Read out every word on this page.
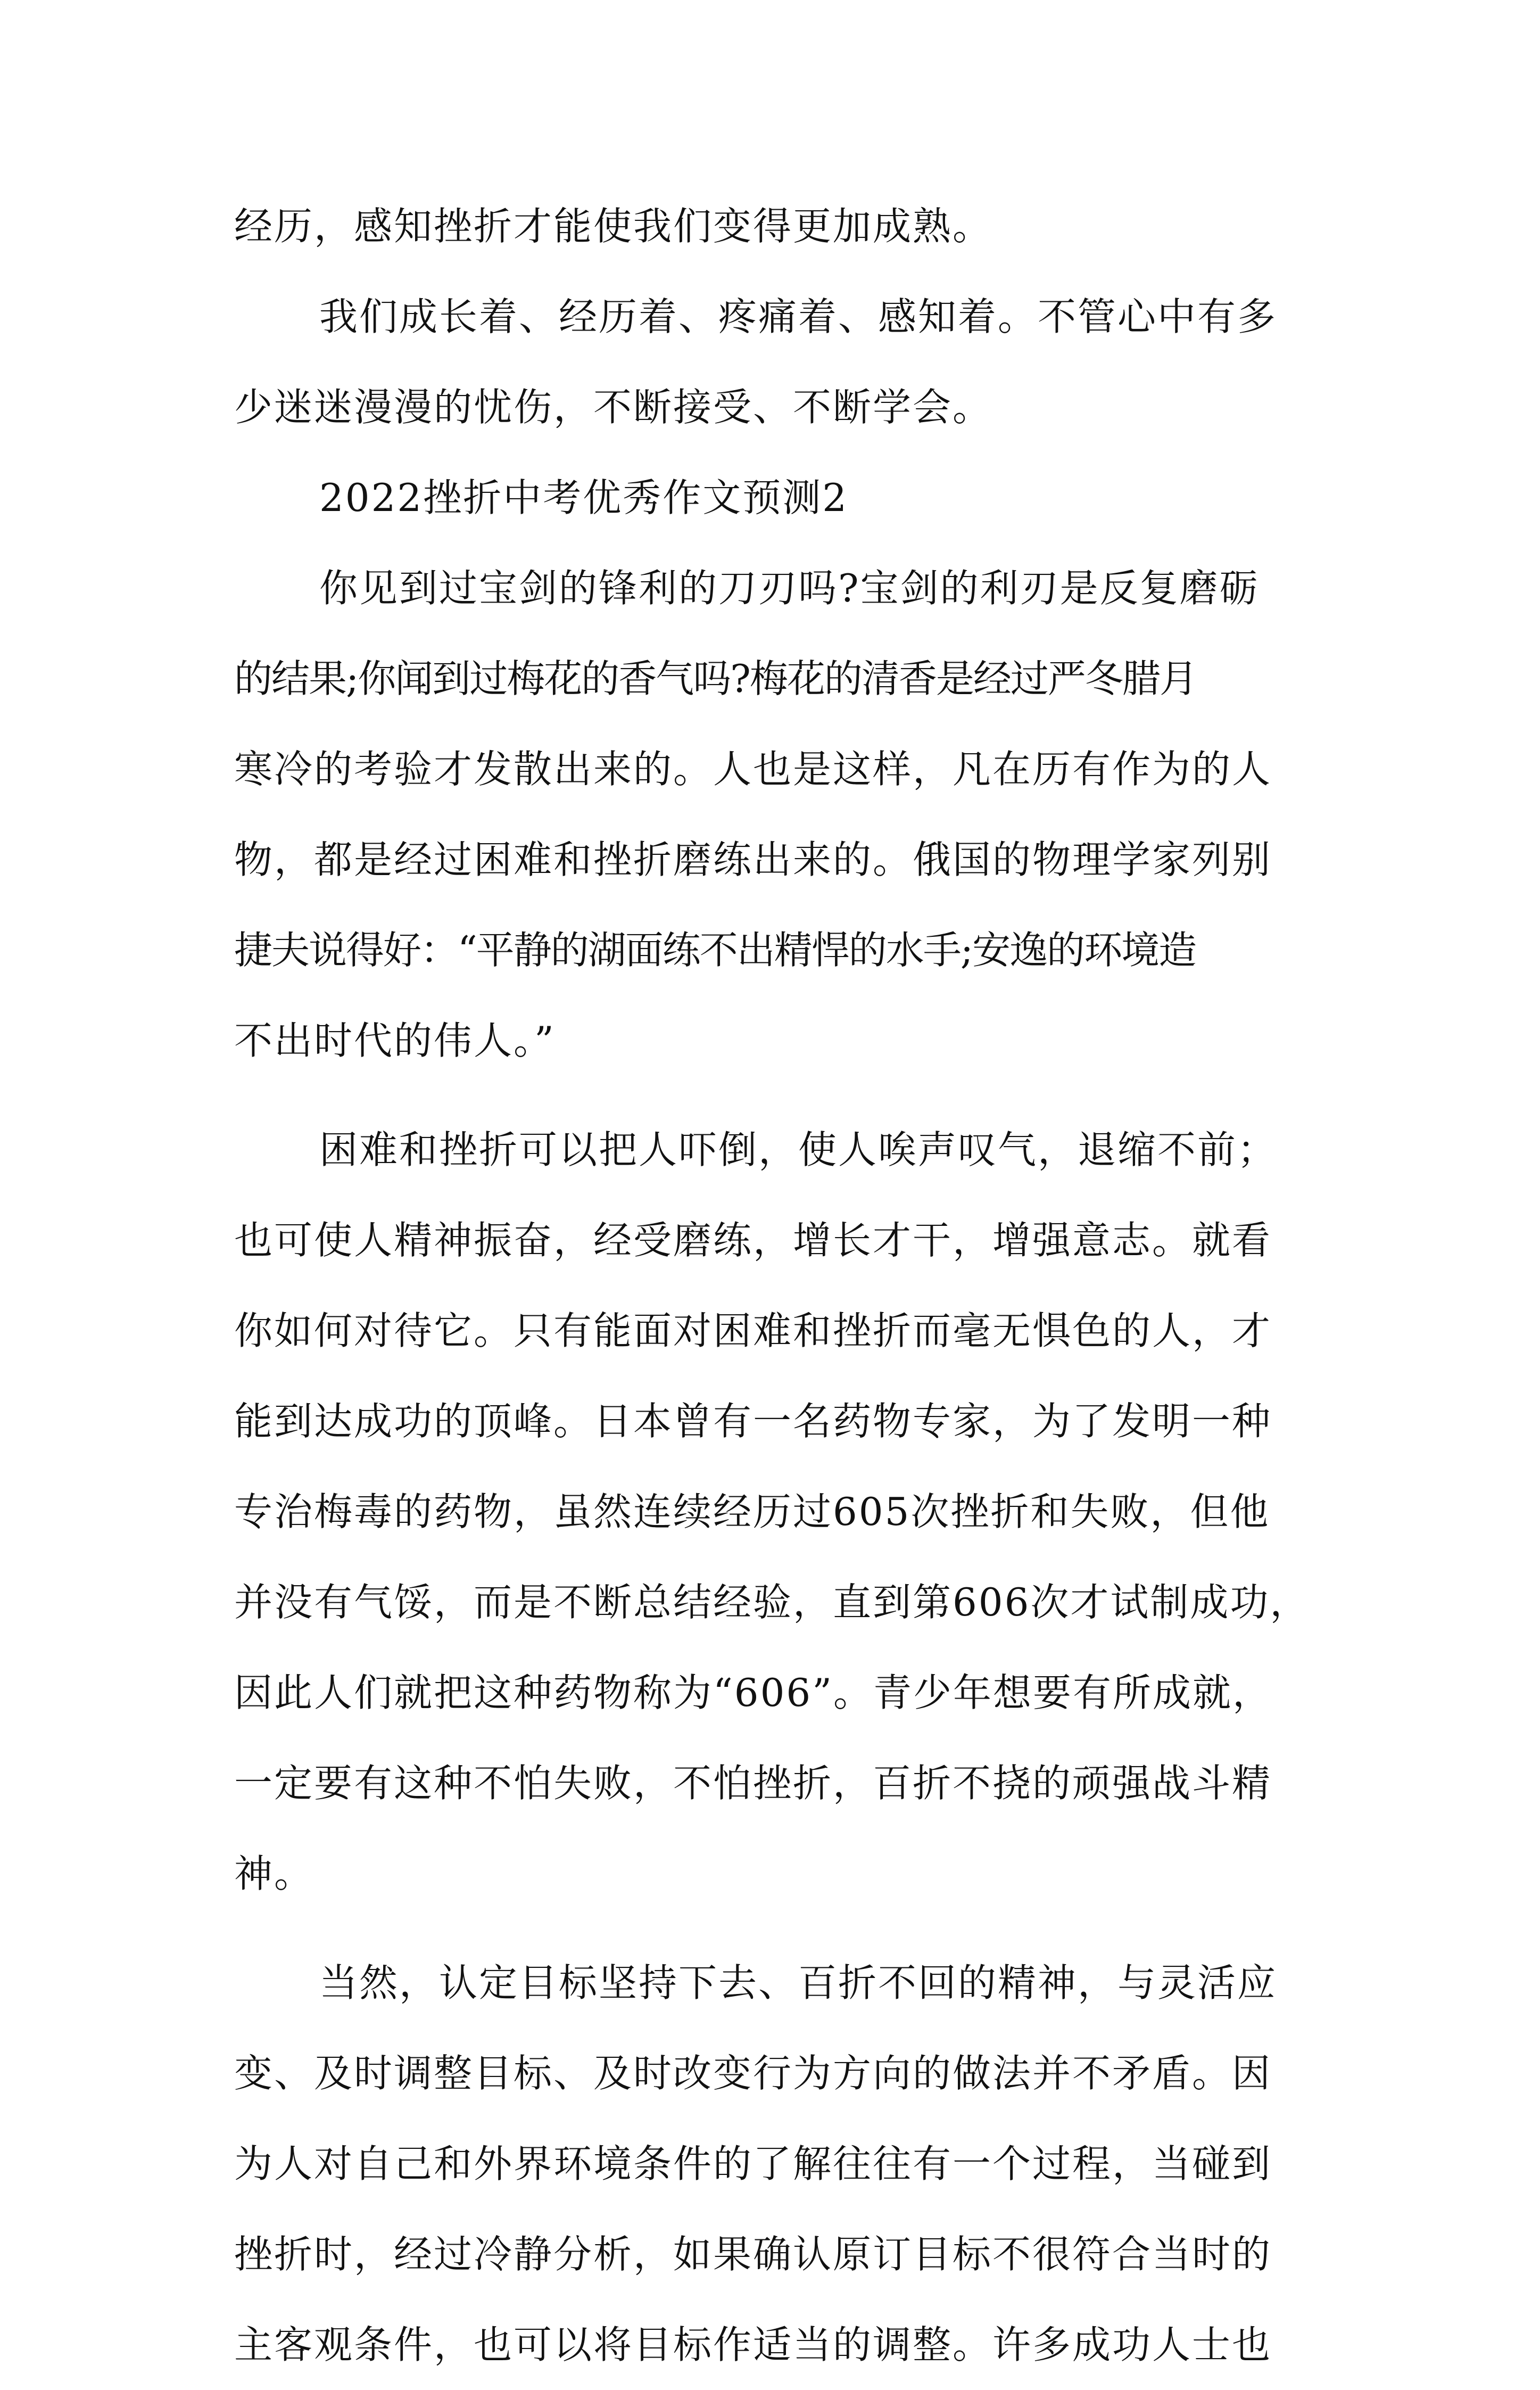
经历，感知挫折才能使我们变得更加成熟。
我们成长着、经历着、疼痛着、感知着。不管心中有多
少迷迷漫漫的忧伤，不断接受、不断学会。
2022挫折中考优秀作文预测2
你见到过宝剑的锋利的刀刃吗?宝剑的利刃是反复磨砺
的结果;你闻到过梅花的香气吗?梅花的清香是经过严冬腊月
寒冷的考验才发散出来的。人也是这样，凡在历有作为的人
物，都是经过困难和挫折磨练出来的。俄国的物理学家列别
捷夫说得好：“平静的湖面练不出精悍的水手;安逸的环境造
不出时代的伟人。”
困难和挫折可以把人吓倒，使人唉声叹气，退缩不前；
也可使人精神振奋，经受磨练，增长才干，增强意志。就看
你如何对待它。只有能面对困难和挫折而毫无惧色的人，才
能到达成功的顶峰。日本曾有一名药物专家，为了发明一种
专治梅毒的药物，虽然连续经历过605次挫折和失败，但他
并没有气馁，而是不断总结经验，直到第606次才试制成功，
因此人们就把这种药物称为“606”。青少年想要有所成就，
一定要有这种不怕失败，不怕挫折，百折不挠的顽强战斗精
神。
当然，认定目标坚持下去、百折不回的精神，与灵活应
变、及时调整目标、及时改变行为方向的做法并不矛盾。因
为人对自己和外界环境条件的了解往往有一个过程，当碰到
挫折时，经过冷静分析，如果确认原订目标不很符合当时的
主客观条件，也可以将目标作适当的调整。许多成功人士也
